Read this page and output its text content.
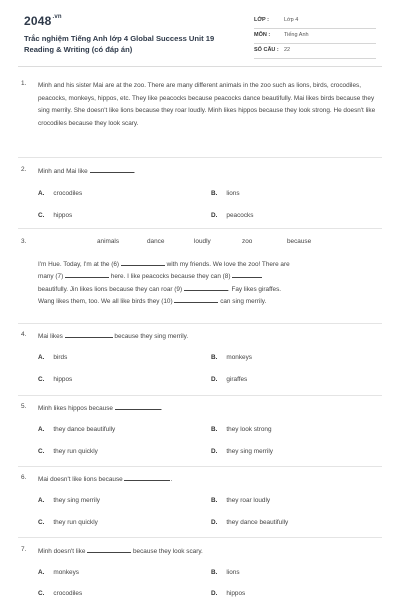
$2048^{.vn}$
Trắc nghiệm Tiếng Anh lớp 4 Global Success Unit 19 Reading & Writing (có đáp án)
LỚP :	Lớp 4
MÔN :	Tiếng Anh
SỐ CÂU : 22
1. Minh and his sister Mai are at the zoo. There are many different animals in the zoo such as lions, birds, crocodiles, peacocks, monkeys, hippos, etc. They like peacocks because peacocks dance beautifully. Mai likes birds because they sing merrily. She doesn't like lions because they roar loudly. Minh likes hippos because they look strong. He doesn't like crocodiles because they look scary.
2. Minh and Mai like	.
A. crocodiles	B. lions
C. hippos	D. peacocks
3.	animals	dance	loudly	zoo	because
I'm Hue. Today, I'm at the (6)	with my friends. We love the zoo! There are
many (7)	here. I like peacocks because they can (8)
beautifully. Jin likes lions because they can roar (9)	. Fay likes giraffes.
Wang likes them, too. We all like birds they (10)	can sing merrily.
4. Mai likes	because they sing merrily.
A. birds	B. monkeys
C. hippos	D. giraffes
5. Minh likes hippos because	.
A. they dance beautifully	B. they look strong
C. they run quickly	D. they sing merrily
6. Mai doesn't like lions because	.
A. they sing merrily	B. they roar loudly
C. they run quickly	D. they dance beautifully
7. Minh doesn't like	because they look scary.
A. monkeys	B. lions
C. crocodiles	D. hippos
